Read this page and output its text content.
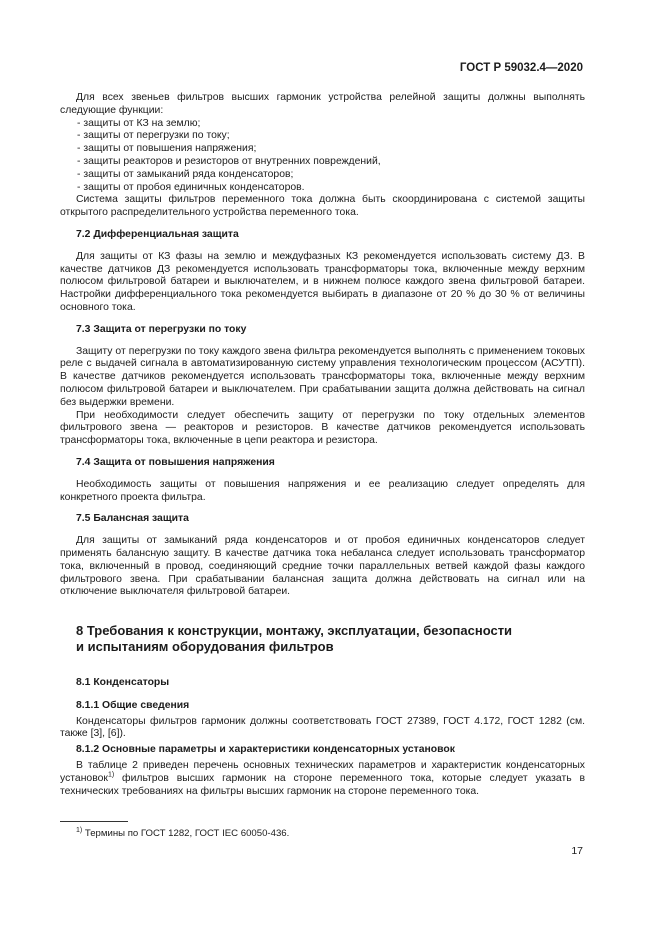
ГОСТ Р 59032.4—2020

Для всех звеньев фильтров высших гармоник устройства релейной защиты должны выполнять следующие функции:

- защиты от КЗ на землю;
- защиты от перегрузки по току;
- защиты от повышения напряжения;
- защиты реакторов и резисторов от внутренних повреждений,
- защиты от замыканий ряда конденсаторов;
- защиты от пробоя единичных конденсаторов.

Система защиты фильтров переменного тока должна быть скоординирована с системой защиты открытого распределительного устройства переменного тока.

7.2 Дифференциальная защита

Для защиты от КЗ фазы на землю и междуфазных КЗ рекомендуется использовать систему ДЗ. В качестве датчиков ДЗ рекомендуется использовать трансформаторы тока, включенные между верхним полюсом фильтровой батареи и выключателем, и в нижнем полюсе каждого звена фильтровой батареи. Настройки дифференциального тока рекомендуется выбирать в диапазоне от 20 % до 30 % от величины основного тока.

7.3 Защита от перегрузки по току

Защиту от перегрузки по току каждого звена фильтра рекомендуется выполнять с применением токовых реле с выдачей сигнала в автоматизированную систему управления технологическим процессом (АСУТП). В качестве датчиков рекомендуется использовать трансформаторы тока, включенные между верхним полюсом фильтровой батареи и выключателем. При срабатывании защита должна действовать на сигнал без выдержки времени.

При необходимости следует обеспечить защиту от перегрузки по току отдельных элементов фильтрового звена — реакторов и резисторов. В качестве датчиков рекомендуется использовать трансформаторы тока, включенные в цепи реактора и резистора.

7.4 Защита от повышения напряжения

Необходимость защиты от повышения напряжения и ее реализацию следует определять для конкретного проекта фильтра.

7.5 Балансная защита

Для защиты от замыканий ряда конденсаторов и от пробоя единичных конденсаторов следует применять балансную защиту. В качестве датчика тока небаланса следует использовать трансформатор тока, включенный в провод, соединяющий средние точки параллельных ветвей каждой фазы каждого фильтрового звена. При срабатывании балансная защита должна действовать на сигнал или на отключение выключателя фильтровой батареи.

8 Требования к конструкции, монтажу, эксплуатации, безопасности
и испытаниям оборудования фильтров
8.1 Конденсаторы
8.1.1 Общие сведения

Конденсаторы фильтров гармоник должны соответствовать ГОСТ 27389, ГОСТ 4.172, ГОСТ 1282 (см. также [3], [6]).

8.1.2 Основные параметры и характеристики конденсаторных установок

В таблице 2 приведен перечень основных технических параметров и характеристик конденсаторных установок$^{1)}$ фильтров высших гармоник на стороне переменного тока, которые следует указать в технических требованиях на фильтры высших гармоник на стороне переменного тока.

$^{1)}$ Термины по ГОСТ 1282, ГОСТ IEC 60050-436.
17
